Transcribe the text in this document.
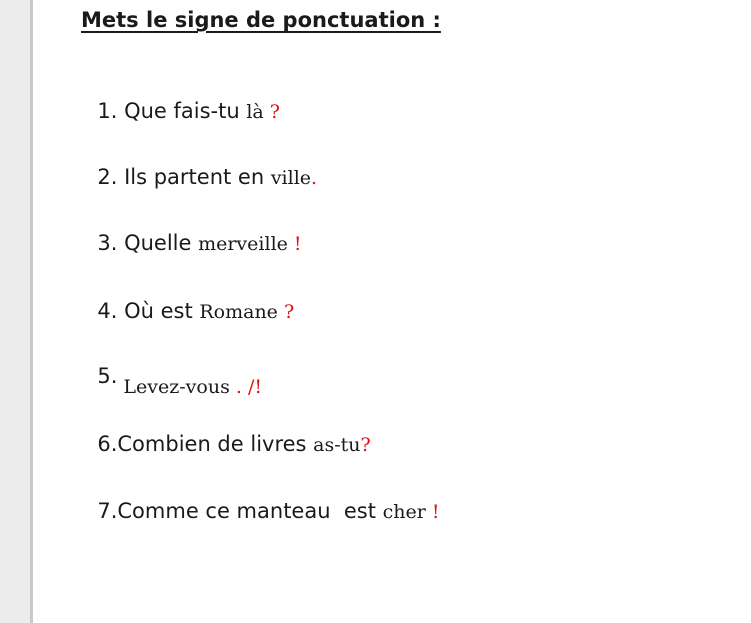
Mets le signe de ponctuation :

1. Que fais-tu là ?

2. Ils partent en ville.

3. Quelle merveille !

4. Où est Romane ?

5. Levez-vous . /!

6.Combien de livres as-tu?

7.Comme ce manteau  est cher !
